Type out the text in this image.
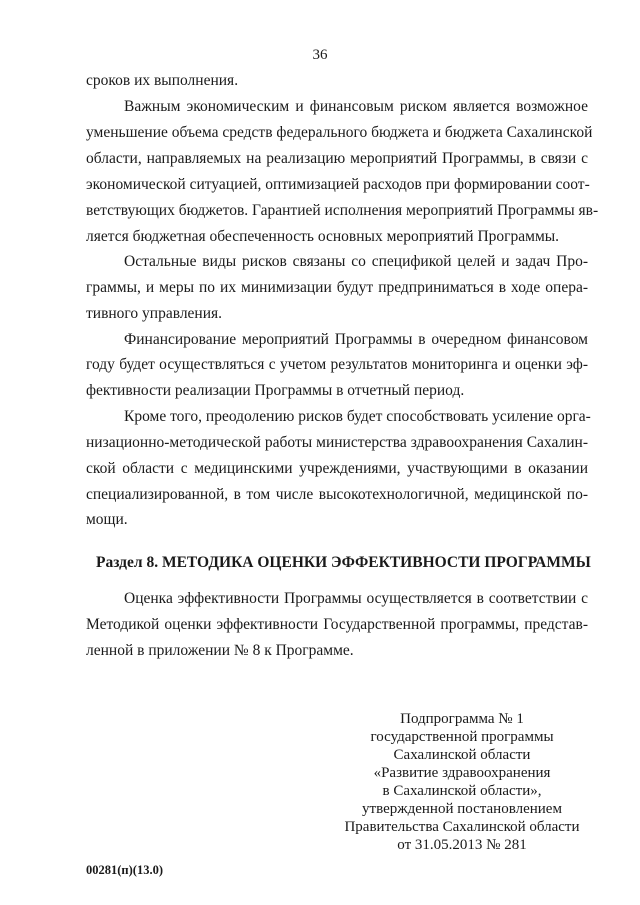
36
сроков их выполнения.
Важным экономическим и финансовым риском является возможное
уменьшение объема средств федерального бюджета и бюджета Сахалинской
области, направляемых на реализацию мероприятий Программы, в связи с
экономической ситуацией, оптимизацией расходов при формировании соот-
ветствующих бюджетов. Гарантией исполнения мероприятий Программы яв-
ляется бюджетная обеспеченность основных мероприятий Программы.
Остальные виды рисков связаны со спецификой целей и задач Про-
граммы, и меры по их минимизации будут предприниматься в ходе опера-
тивного управления.
Финансирование мероприятий Программы в очередном финансовом
году будет осуществляться с учетом результатов мониторинга и оценки эф-
фективности реализации Программы в отчетный период.
Кроме того, преодолению рисков будет способствовать усиление орга-
низационно-методической работы министерства здравоохранения Сахалин-
ской области с медицинскими учреждениями, участвующими в оказании
специализированной, в том числе высокотехнологичной, медицинской по-
мощи.
Раздел 8. МЕТОДИКА ОЦЕНКИ ЭФФЕКТИВНОСТИ ПРОГРАММЫ
Оценка эффективности Программы осуществляется в соответствии с
Методикой оценки эффективности Государственной программы, представ-
ленной в приложении № 8 к Программе.
Подпрограмма № 1
государственной программы
Сахалинской области
«Развитие здравоохранения
в Сахалинской области»,
утвержденной постановлением
Правительства Сахалинской области
от 31.05.2013 № 281
00281(п)(13.0)
